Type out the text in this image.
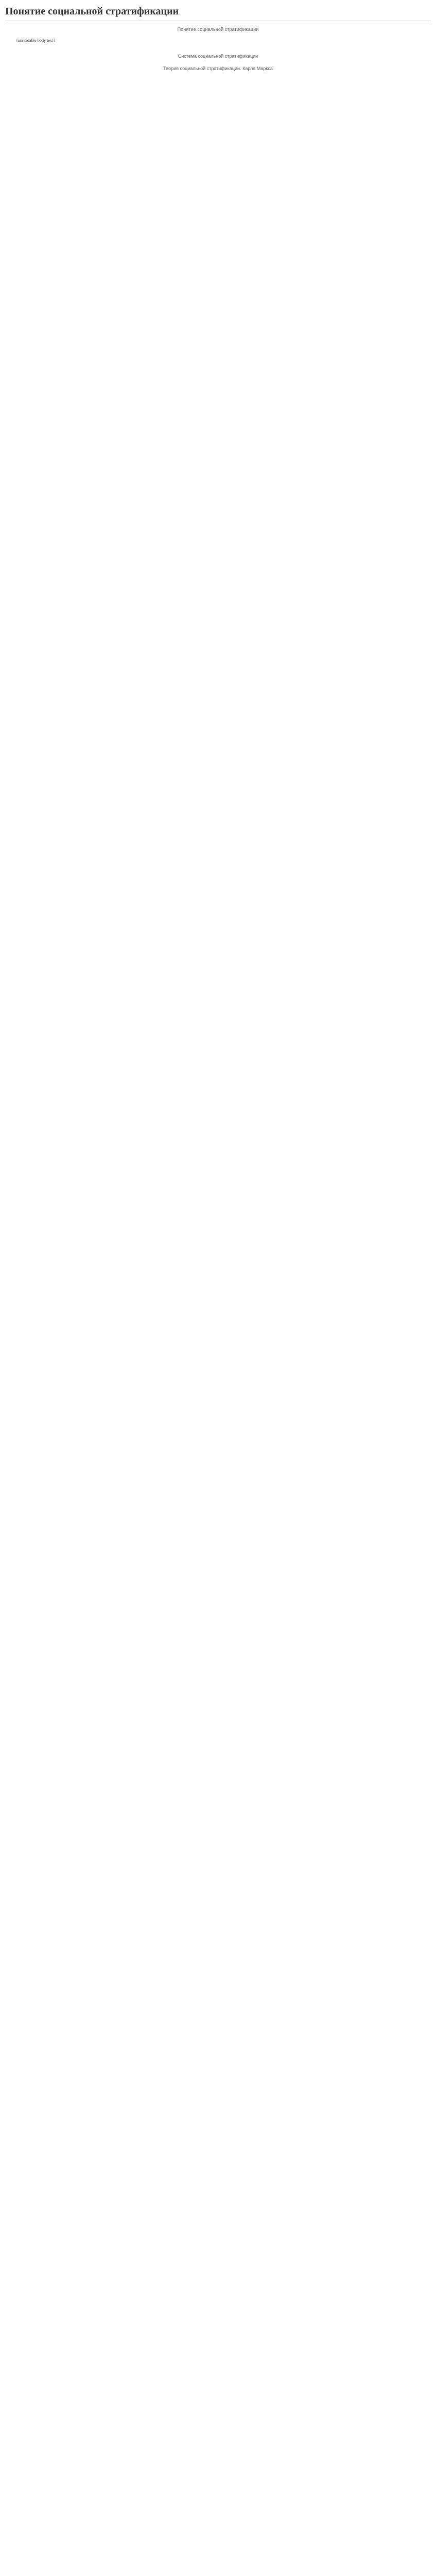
Понятие социальной стратификации
Понятие социальной стратификации

[unreadable body text]

Система социальной стратификации
Теория социальной стратификации. Карла Маркса
